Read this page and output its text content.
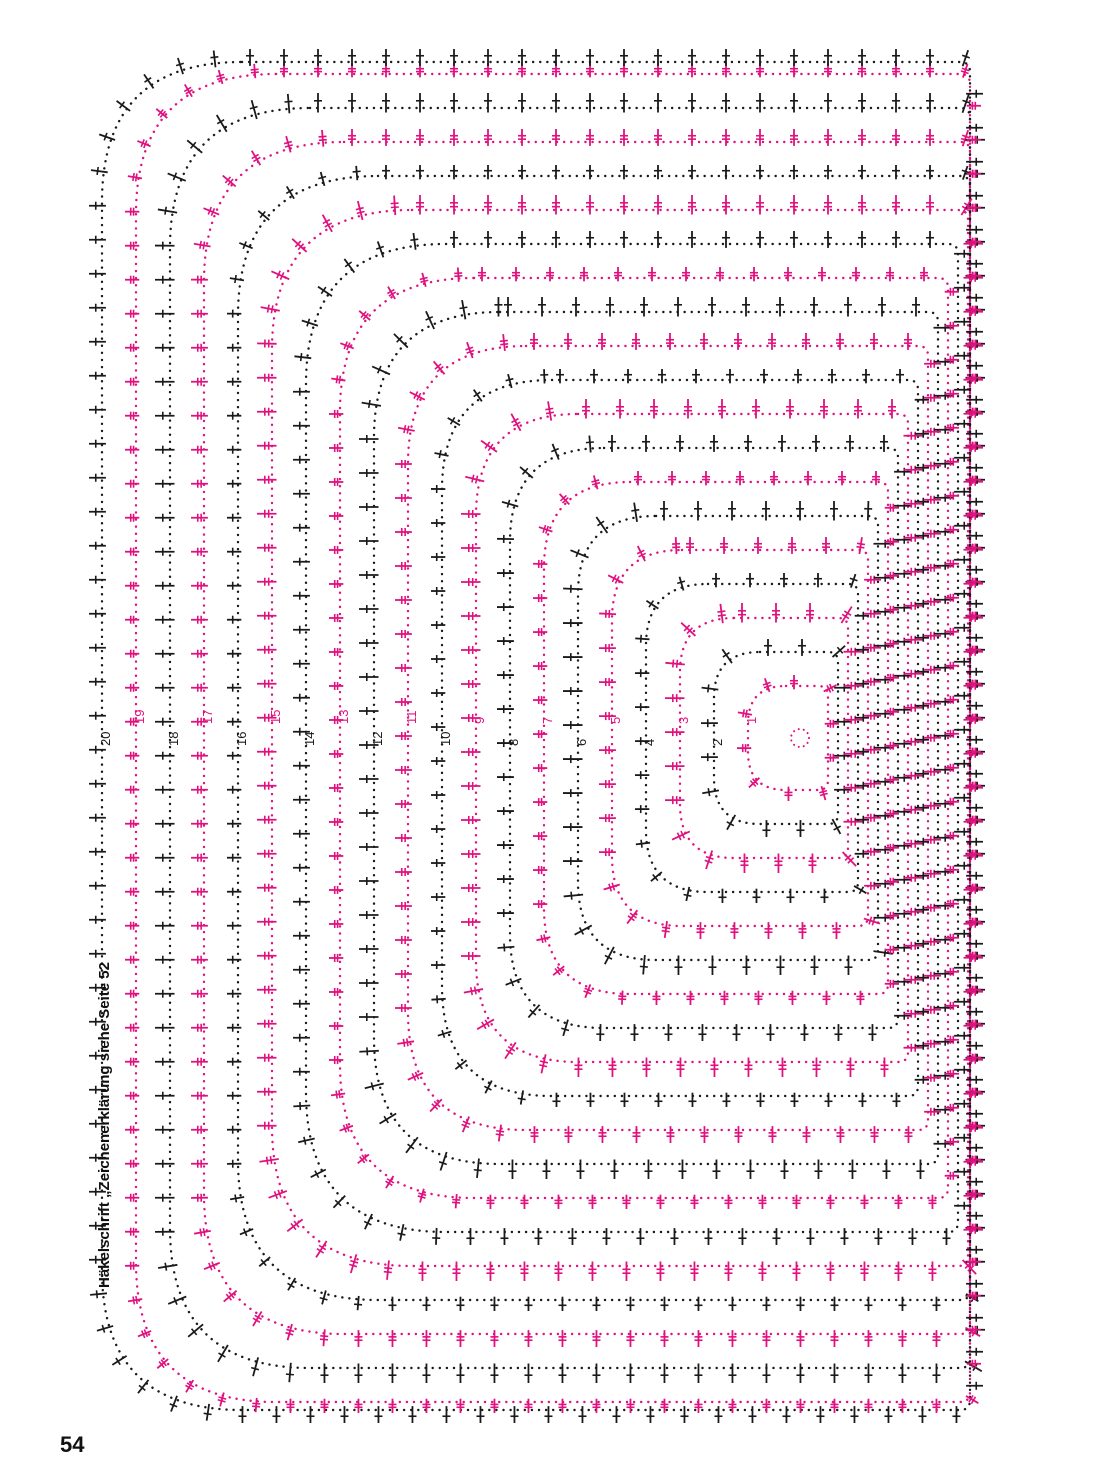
1
2
3
4
5
6
7
8
9
10
11
12
13
14
15
16
17
18
19
20
Häkelschrift „Zeichenerklärung siehe Seite 52
54
